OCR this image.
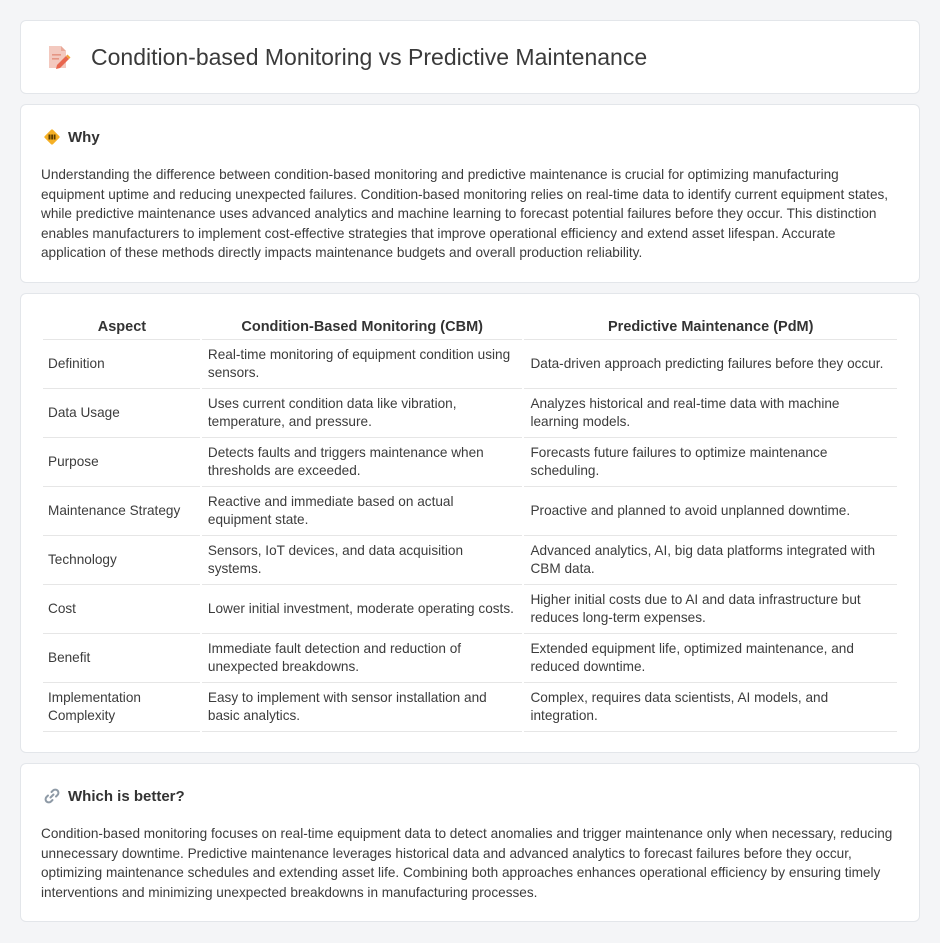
Condition-based Monitoring vs Predictive Maintenance
Why

Understanding the difference between condition-based monitoring and predictive maintenance is crucial for optimizing manufacturing equipment uptime and reducing unexpected failures. Condition-based monitoring relies on real-time data to identify current equipment states, while predictive maintenance uses advanced analytics and machine learning to forecast potential failures before they occur. This distinction enables manufacturers to implement cost-effective strategies that improve operational efficiency and extend asset lifespan. Accurate application of these methods directly impacts maintenance budgets and overall production reliability.

Aspect	Condition-Based Monitoring (CBM)	Predictive Maintenance (PdM)
Definition	Real-time monitoring of equipment condition using sensors.	Data-driven approach predicting failures before they occur.
Data Usage	Uses current condition data like vibration, temperature, and pressure.	Analyzes historical and real-time data with machine learning models.
Purpose	Detects faults and triggers maintenance when thresholds are exceeded.	Forecasts future failures to optimize maintenance scheduling.
Maintenance Strategy	Reactive and immediate based on actual equipment state.	Proactive and planned to avoid unplanned downtime.
Technology	Sensors, IoT devices, and data acquisition systems.	Advanced analytics, AI, big data platforms integrated with CBM data.
Cost	Lower initial investment, moderate operating costs.	Higher initial costs due to AI and data infrastructure but reduces long-term expenses.
Benefit	Immediate fault detection and reduction of unexpected breakdowns.	Extended equipment life, optimized maintenance, and reduced downtime.
Implementation Complexity	Easy to implement with sensor installation and basic analytics.	Complex, requires data scientists, AI models, and integration.
Which is better?

Condition-based monitoring focuses on real-time equipment data to detect anomalies and trigger maintenance only when necessary, reducing unnecessary downtime. Predictive maintenance leverages historical data and advanced analytics to forecast failures before they occur, optimizing maintenance schedules and extending asset life. Combining both approaches enhances operational efficiency by ensuring timely interventions and minimizing unexpected breakdowns in manufacturing processes.
